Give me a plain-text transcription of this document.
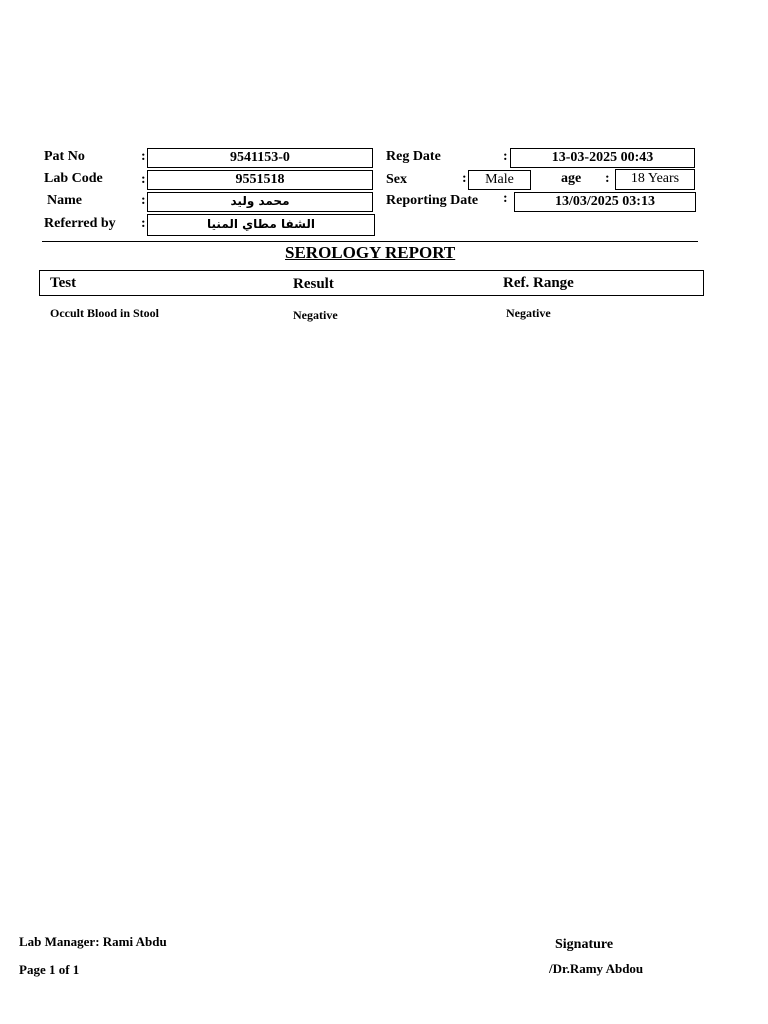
Pat No	:	9541153-0
Lab Code	:	9551518
Name	:	محمد وليد
Referred by :	الشفا مطاي المنيا
Reg Date	:	13-03-2025 00:43
Sex	:	Male	age :	18 Years
Reporting Date :	13/03/2025 03:13
SEROLOGY REPORT
Test	Result	Ref. Range
Occult Blood in Stool	Negative	Negative
Lab Manager: Rami Abdu
Page 1 of 1
Signature
/Dr.Ramy Abdou
